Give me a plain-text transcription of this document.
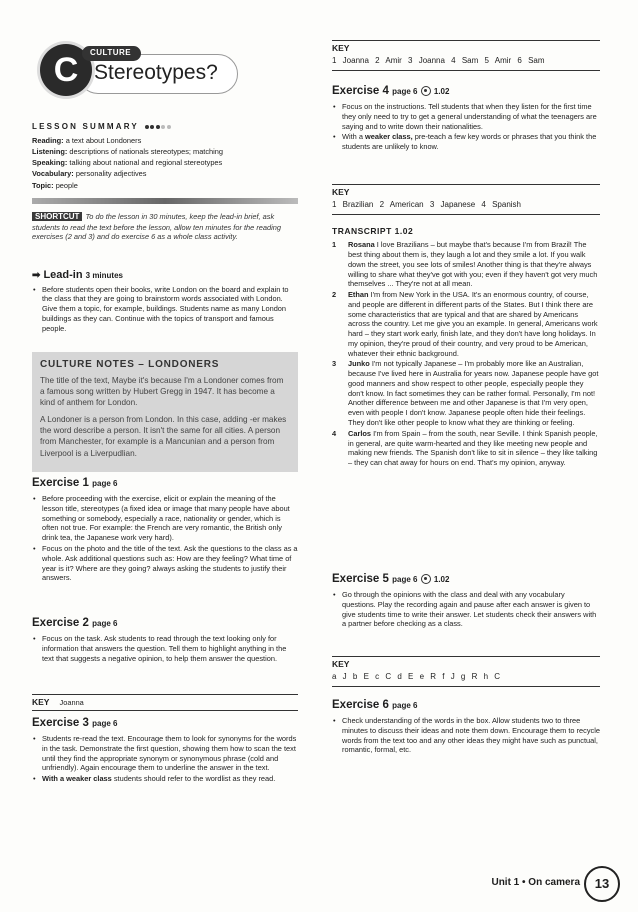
C	CULTURE
Stereotypes?
LESSON SUMMARY

Reading: a text about Londoners

Listening: descriptions of nationals stereotypes; matching

Speaking: talking about national and regional stereotypes

Vocabulary: personality adjectives

Topic: people

SHORTCUT To do the lesson in 30 minutes, keep the lead-in brief, ask students to read the text before the lesson, allow ten minutes for the reading exercises (2 and 3) and do exercise 6 as a whole class activity.
➡ Lead-in 3 minutes
• Before students open their books, write London on the board and explain to the class that they are going to brainstorm words associated with London. Give them a topic, for example, buildings. Students name as many London buildings as they can. Continue with the topics of transport and famous people.
CULTURE NOTES – LONDONERS

The title of the text, Maybe it's because I'm a Londoner comes from a famous song written by Hubert Gregg in 1947. It has become a kind of anthem for London.

A Londoner is a person from London. In this case, adding -er makes the word describe a person. It isn't the same for all cities. A person from Manchester, for example is a Mancunian and a person from Liverpool is a Liverpudlian.

Exercise 1 page 6
• Before proceeding with the exercise, elicit or explain the meaning of the lesson title, stereotypes (a fixed idea or image that many people have about something or somebody, especially a race, nationality or gender, which is often not true. For example: the French are very romantic, the British only drink tea, the Japanese work very hard).
• Focus on the photo and the title of the text. Ask the questions to the class as a whole. Ask additional questions such as: How are they feeling? What time of year is it? Where are they going? always asking the students to justify their answers.
Exercise 2 page 6
• Focus on the task. Ask students to read through the text looking only for information that answers the question. Tell them to highlight anything in the text that suggests a negative opinion, to help them answer the question.
KEY Joanna
Exercise 3 page 6
• Students re-read the text. Encourage them to look for synonyms for the words in the task. Demonstrate the first question, showing them how to scan the text until they find the appropriate synonym or synonymous phrase (cold and unfriendly). Again encourage them to underline the answer in the text.
• With a weaker class students should refer to the wordlist as they read.
KEY
1 Joanna 2 Amir 3 Joanna 4 Sam 5 Amir 6 Sam
Exercise 4 page 6 1.02
• Focus on the instructions. Tell students that when they listen for the first time they only need to try to get a general understanding of what the teenagers are saying and to write down their nationalities.
• With a weaker class, pre-teach a few key words or phrases that you think the students are unlikely to know.
KEY
1 Brazilian 2 American 3 Japanese 4 Spanish
TRANSCRIPT 1.02
1 Rosana I love Brazilians – but maybe that's because I'm from Brazil! The best thing about them is, they laugh a lot and they smile a lot. If you walk down the street, you see lots of smiles! Another thing is that they're always willing to share what they've got with you; even if they haven't got very much themselves ... They're not at all mean.
2 Ethan I'm from New York in the USA. It's an enormous country, of course, and people are different in different parts of the States. But I think there are some characteristics that are typical and that are shared by Americans across the country. Let me give you an example. In general, Americans work hard – they start work early, finish late, and they don't have long holidays. In my opinion, they're proud of their country, and very proud to be American, whatever their ethnic background.
3 Junko I'm not typically Japanese – I'm probably more like an Australian, because I've lived here in Australia for years now. Japanese people have got good manners and show respect to other people, especially people they don't know. In fact sometimes they can be rather formal. Personally, I'm not! Another difference between me and other Japanese is that I'm very open, even with people I don't know. Japanese people often hide their feelings. They don't like other people to know what they are thinking or feeling.
4 Carlos I'm from Spain – from the south, near Seville. I think Spanish people, in general, are quite warm-hearted and they like meeting new people and making new friends. The Spanish don't like to sit in silence – they like talking – they can chat away for hours on end. That's my opinion, anyway.
Exercise 5 page 6 1.02
• Go through the opinions with the class and deal with any vocabulary questions. Play the recording again and pause after each answer is given to give students time to write their answer. Let students check their answers with a partner before checking as a class.
KEY
a J b E c C d E e R f J g R h C
Exercise 6 page 6
• Check understanding of the words in the box. Allow students two to three minutes to discuss their ideas and note them down. Encourage them to recycle words from the text too and any other ideas they might have such as punctual, romantic, formal, etc.
Unit 1 • On camera	13
